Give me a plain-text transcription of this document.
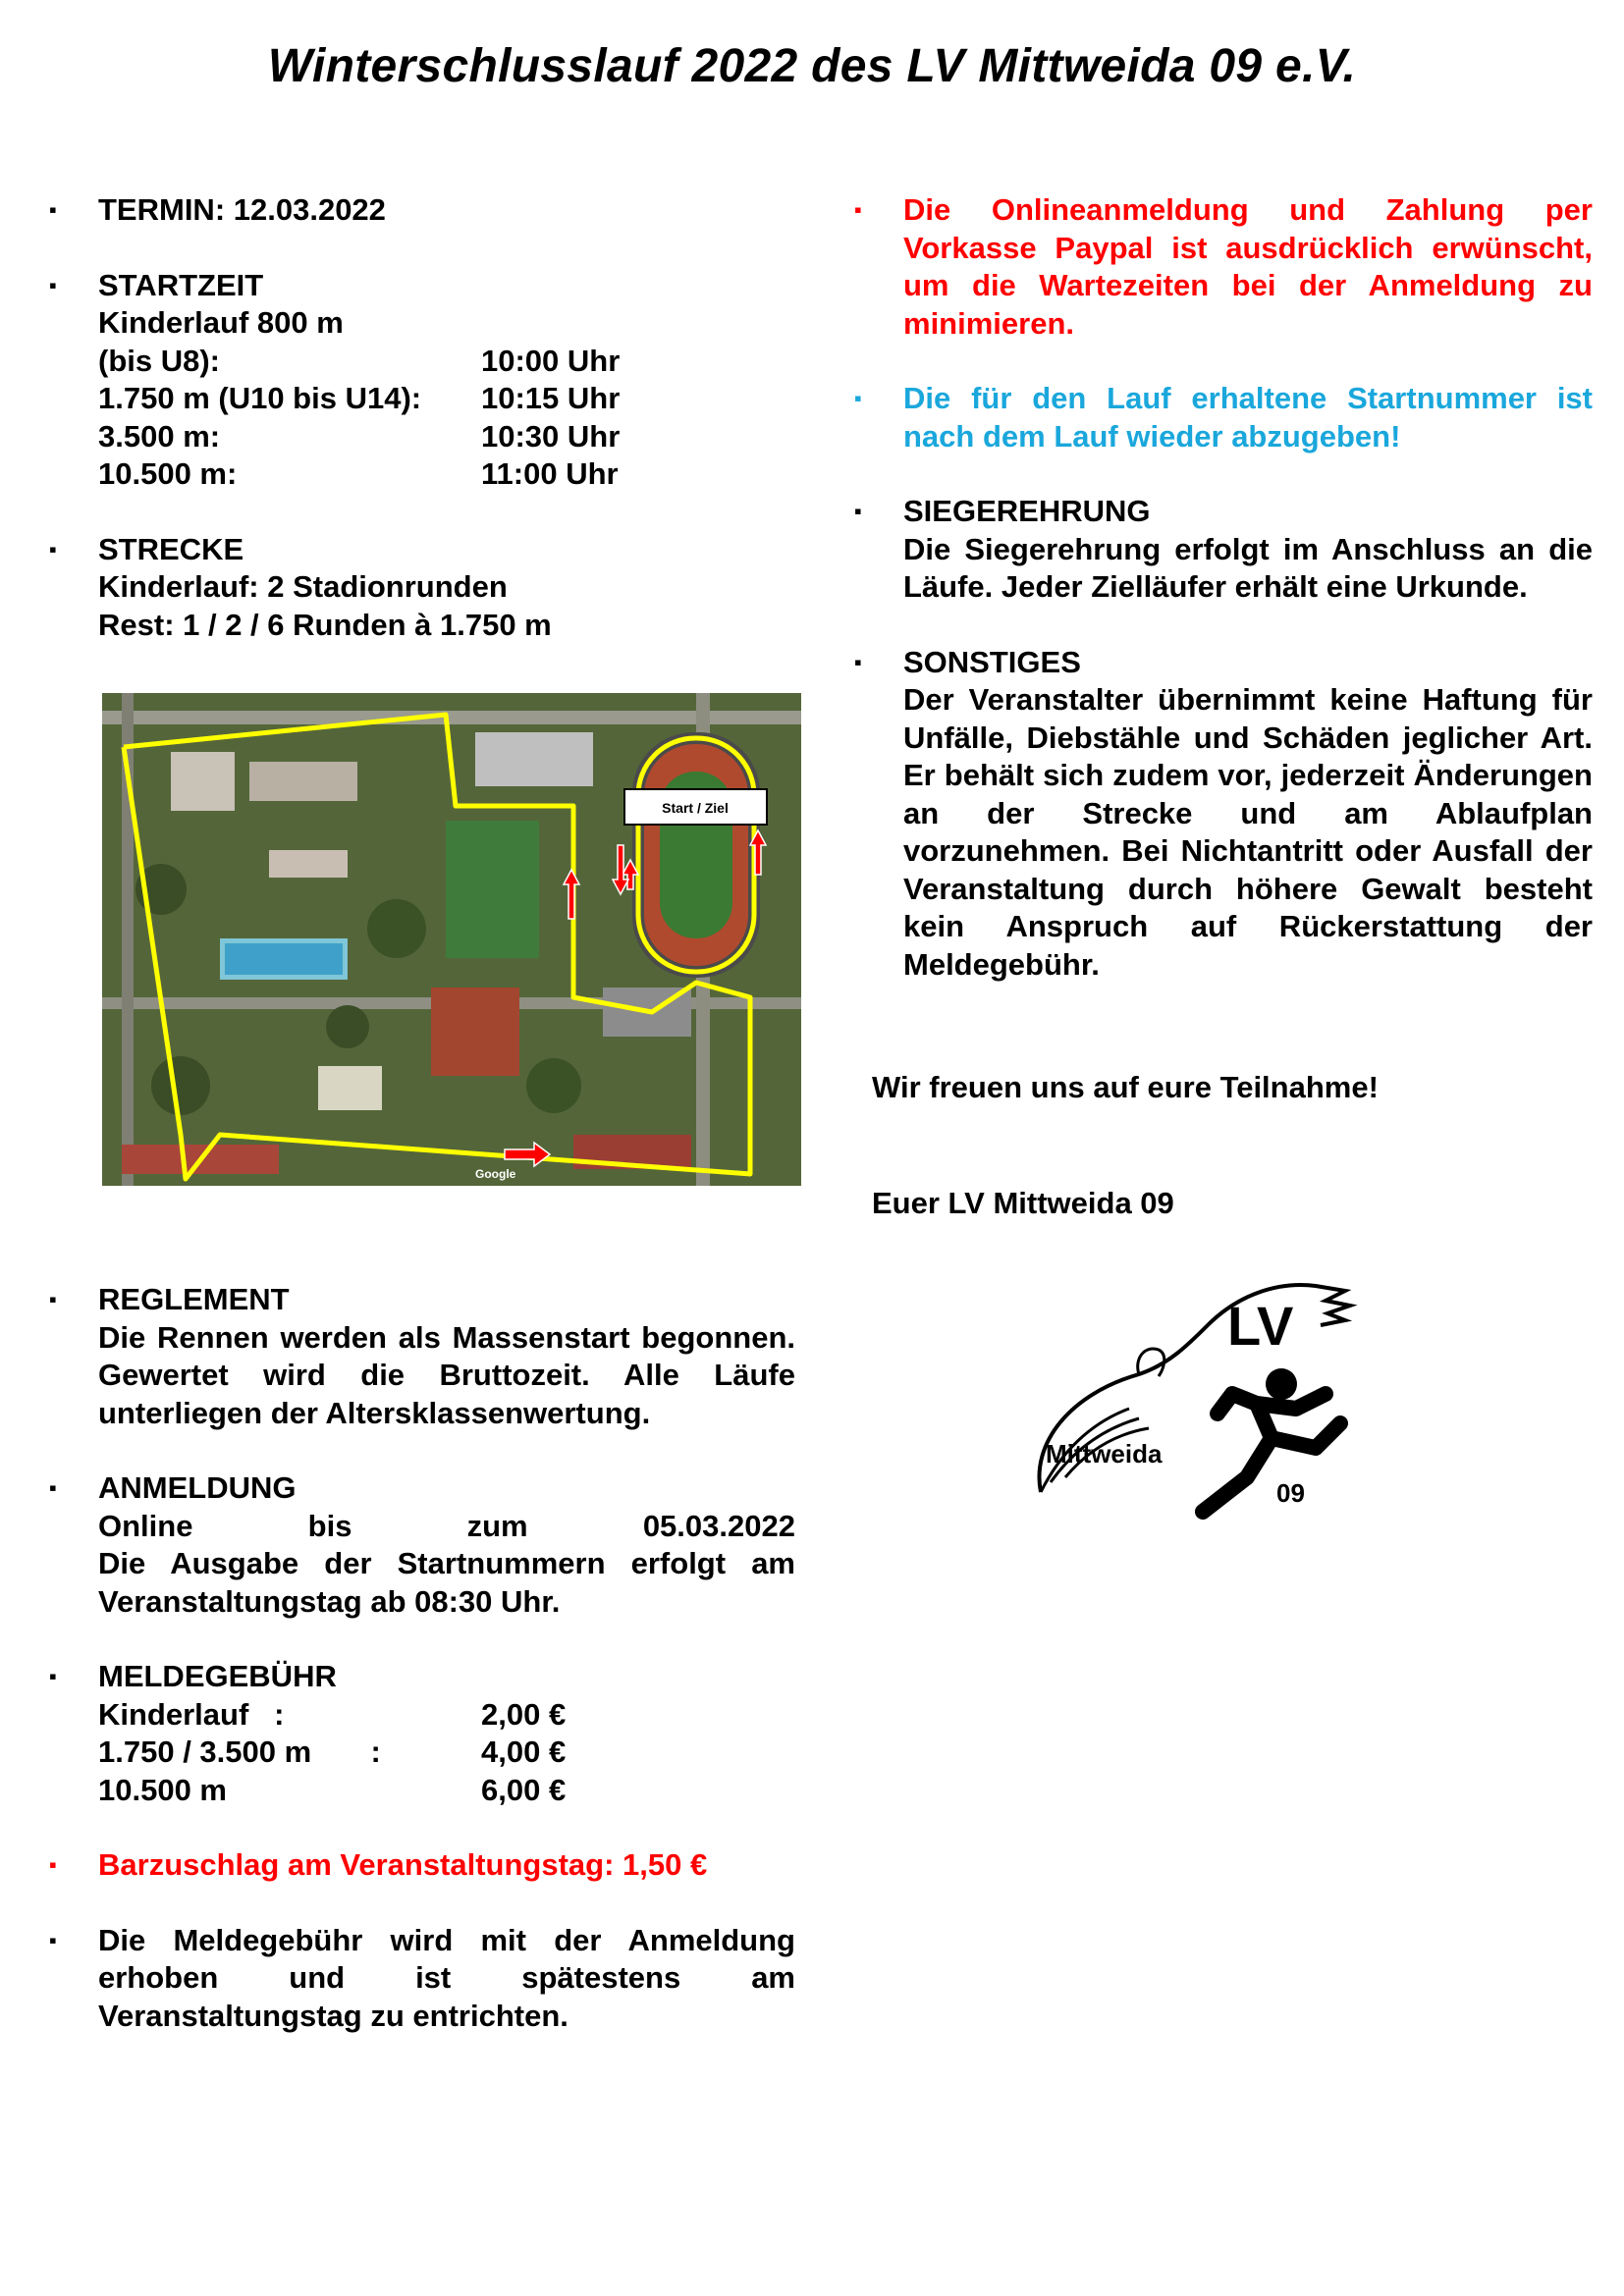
Winterschlusslauf 2022 des LV Mittweida 09 e.V.
▪ TERMIN: 12.03.2022
▪ STARTZEIT
Kinderlauf 800 m
(bis U8):	10:00 Uhr
1.750 m (U10 bis U14):	10:15 Uhr
3.500 m:	10:30 Uhr
10.500 m:	11:00 Uhr
▪ STRECKE
Kinderlauf: 2 Stadionrunden
Rest: 1 / 2 / 6 Runden à 1.750 m
Start / Ziel
Google
▪ REGLEMENT
Die Rennen werden als Massenstart begonnen. Gewertet wird die Bruttozeit. Alle Läufe unterliegen der Altersklassenwertung.
▪ ANMELDUNG
Online	bis	zum	05.03.2022
Die Ausgabe der Startnummern erfolgt am Veranstaltungstag ab 08:30 Uhr.
▪ MELDEGEBÜHR
Kinderlauf   :	2,00 €
1.750 / 3.500 m       :	4,00 €
10.500 m	6,00 €
▪ Barzuschlag am Veranstaltungstag: 1,50 €
▪ Die Meldegebühr wird mit der Anmeldung erhoben und ist spätestens am Veranstaltungstag zu entrichten.
▪ Die Onlineanmeldung und Zahlung per Vorkasse Paypal ist ausdrücklich erwünscht, um die Wartezeiten bei der Anmeldung zu minimieren.
▪ Die für den Lauf erhaltene Startnummer ist nach dem Lauf wieder abzugeben!
▪ SIEGEREHRUNG
Die Siegerehrung erfolgt im Anschluss an die Läufe. Jeder Zielläufer erhält eine Urkunde.
▪ SONSTIGES
Der Veranstalter übernimmt keine Haftung für Unfälle, Diebstähle und Schäden jeglicher Art. Er behält sich zudem vor, jederzeit Änderungen an der Strecke und am Ablaufplan vorzunehmen. Bei Nichtantritt oder Ausfall der Veranstaltung durch höhere Gewalt besteht kein Anspruch auf Rückerstattung der Meldegebühr.
Wir freuen uns auf eure Teilnahme!
Euer LV Mittweida 09
LV
Mittweida
09
